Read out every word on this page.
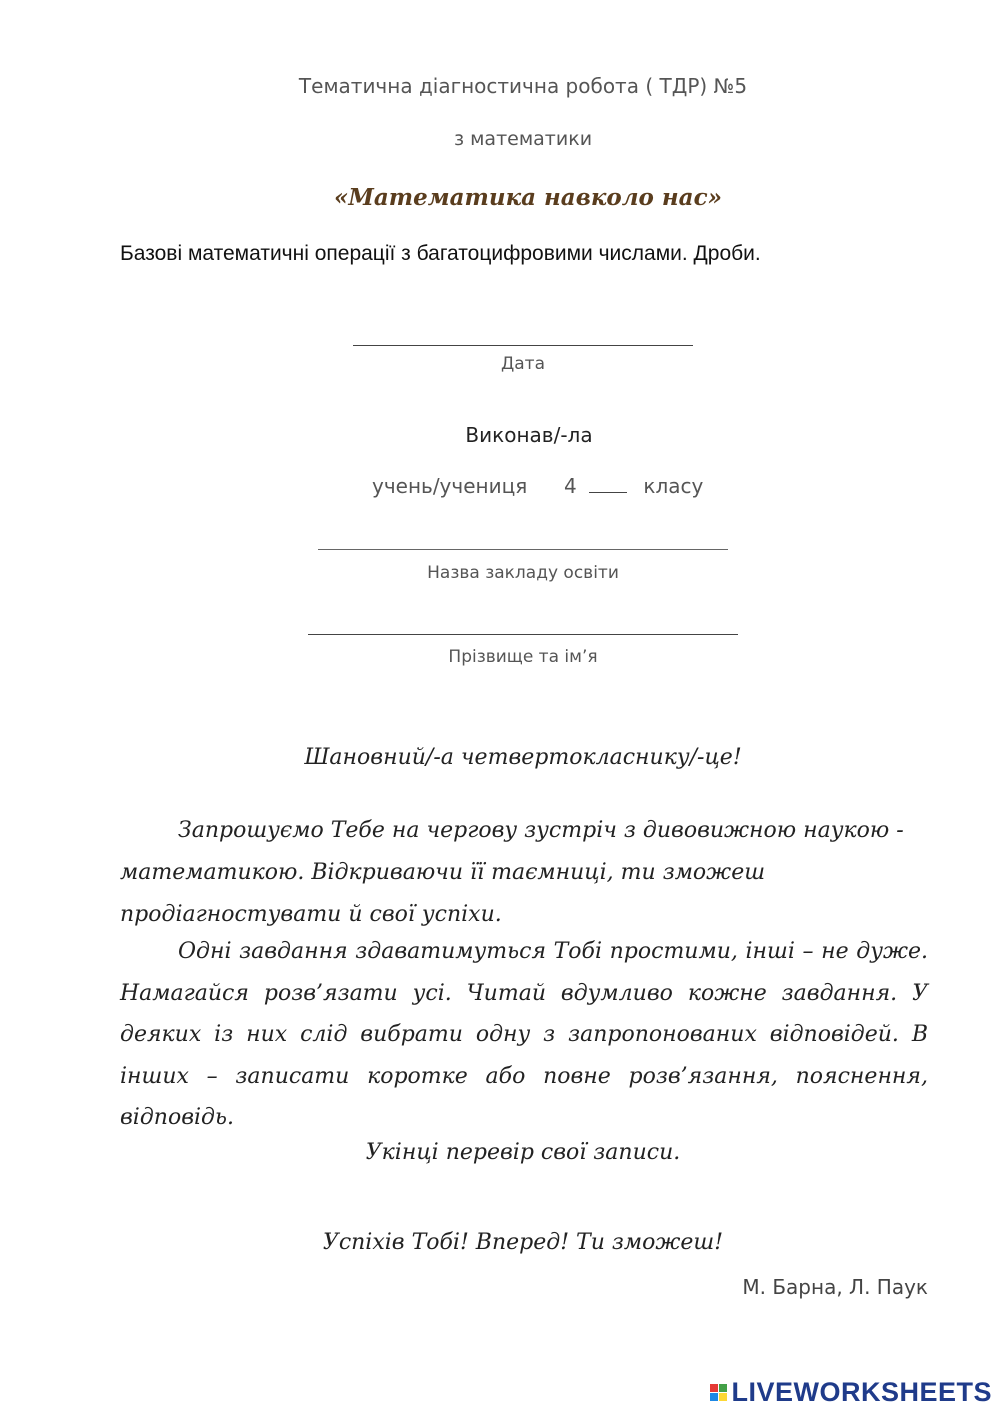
Тематична діагностична робота ( ТДР) №5
з математики
«Математика навколо нас»
Базові математичні операції з багатоцифровими числами. Дроби.
Дата
Виконав/-ла
учень/учениця 4	класу
Назва закладу освіти
Прізвище та ім’я
Шановний/-а четвертокласнику/-це!
Запрошуємо Тебе на чергову зустріч з дивовижною наукою - математикою. Відкриваючи її таємниці, ти зможеш продіагностувати й свої успіхи.
Одні завдання здаватимуться Тобі простими, інші – не дуже. Намагайся розв’язати усі. Читай вдумливо кожне завдання. У деяких із них слід вибрати одну з запропонованих відповідей. В інших – записати коротке або повне розв’язання, пояснення, відповідь.
Укінці перевір свої записи.
Успіхів Тобі! Вперед! Ти зможеш!
М. Барна, Л. Паук
LIVEWORKSHEETS
